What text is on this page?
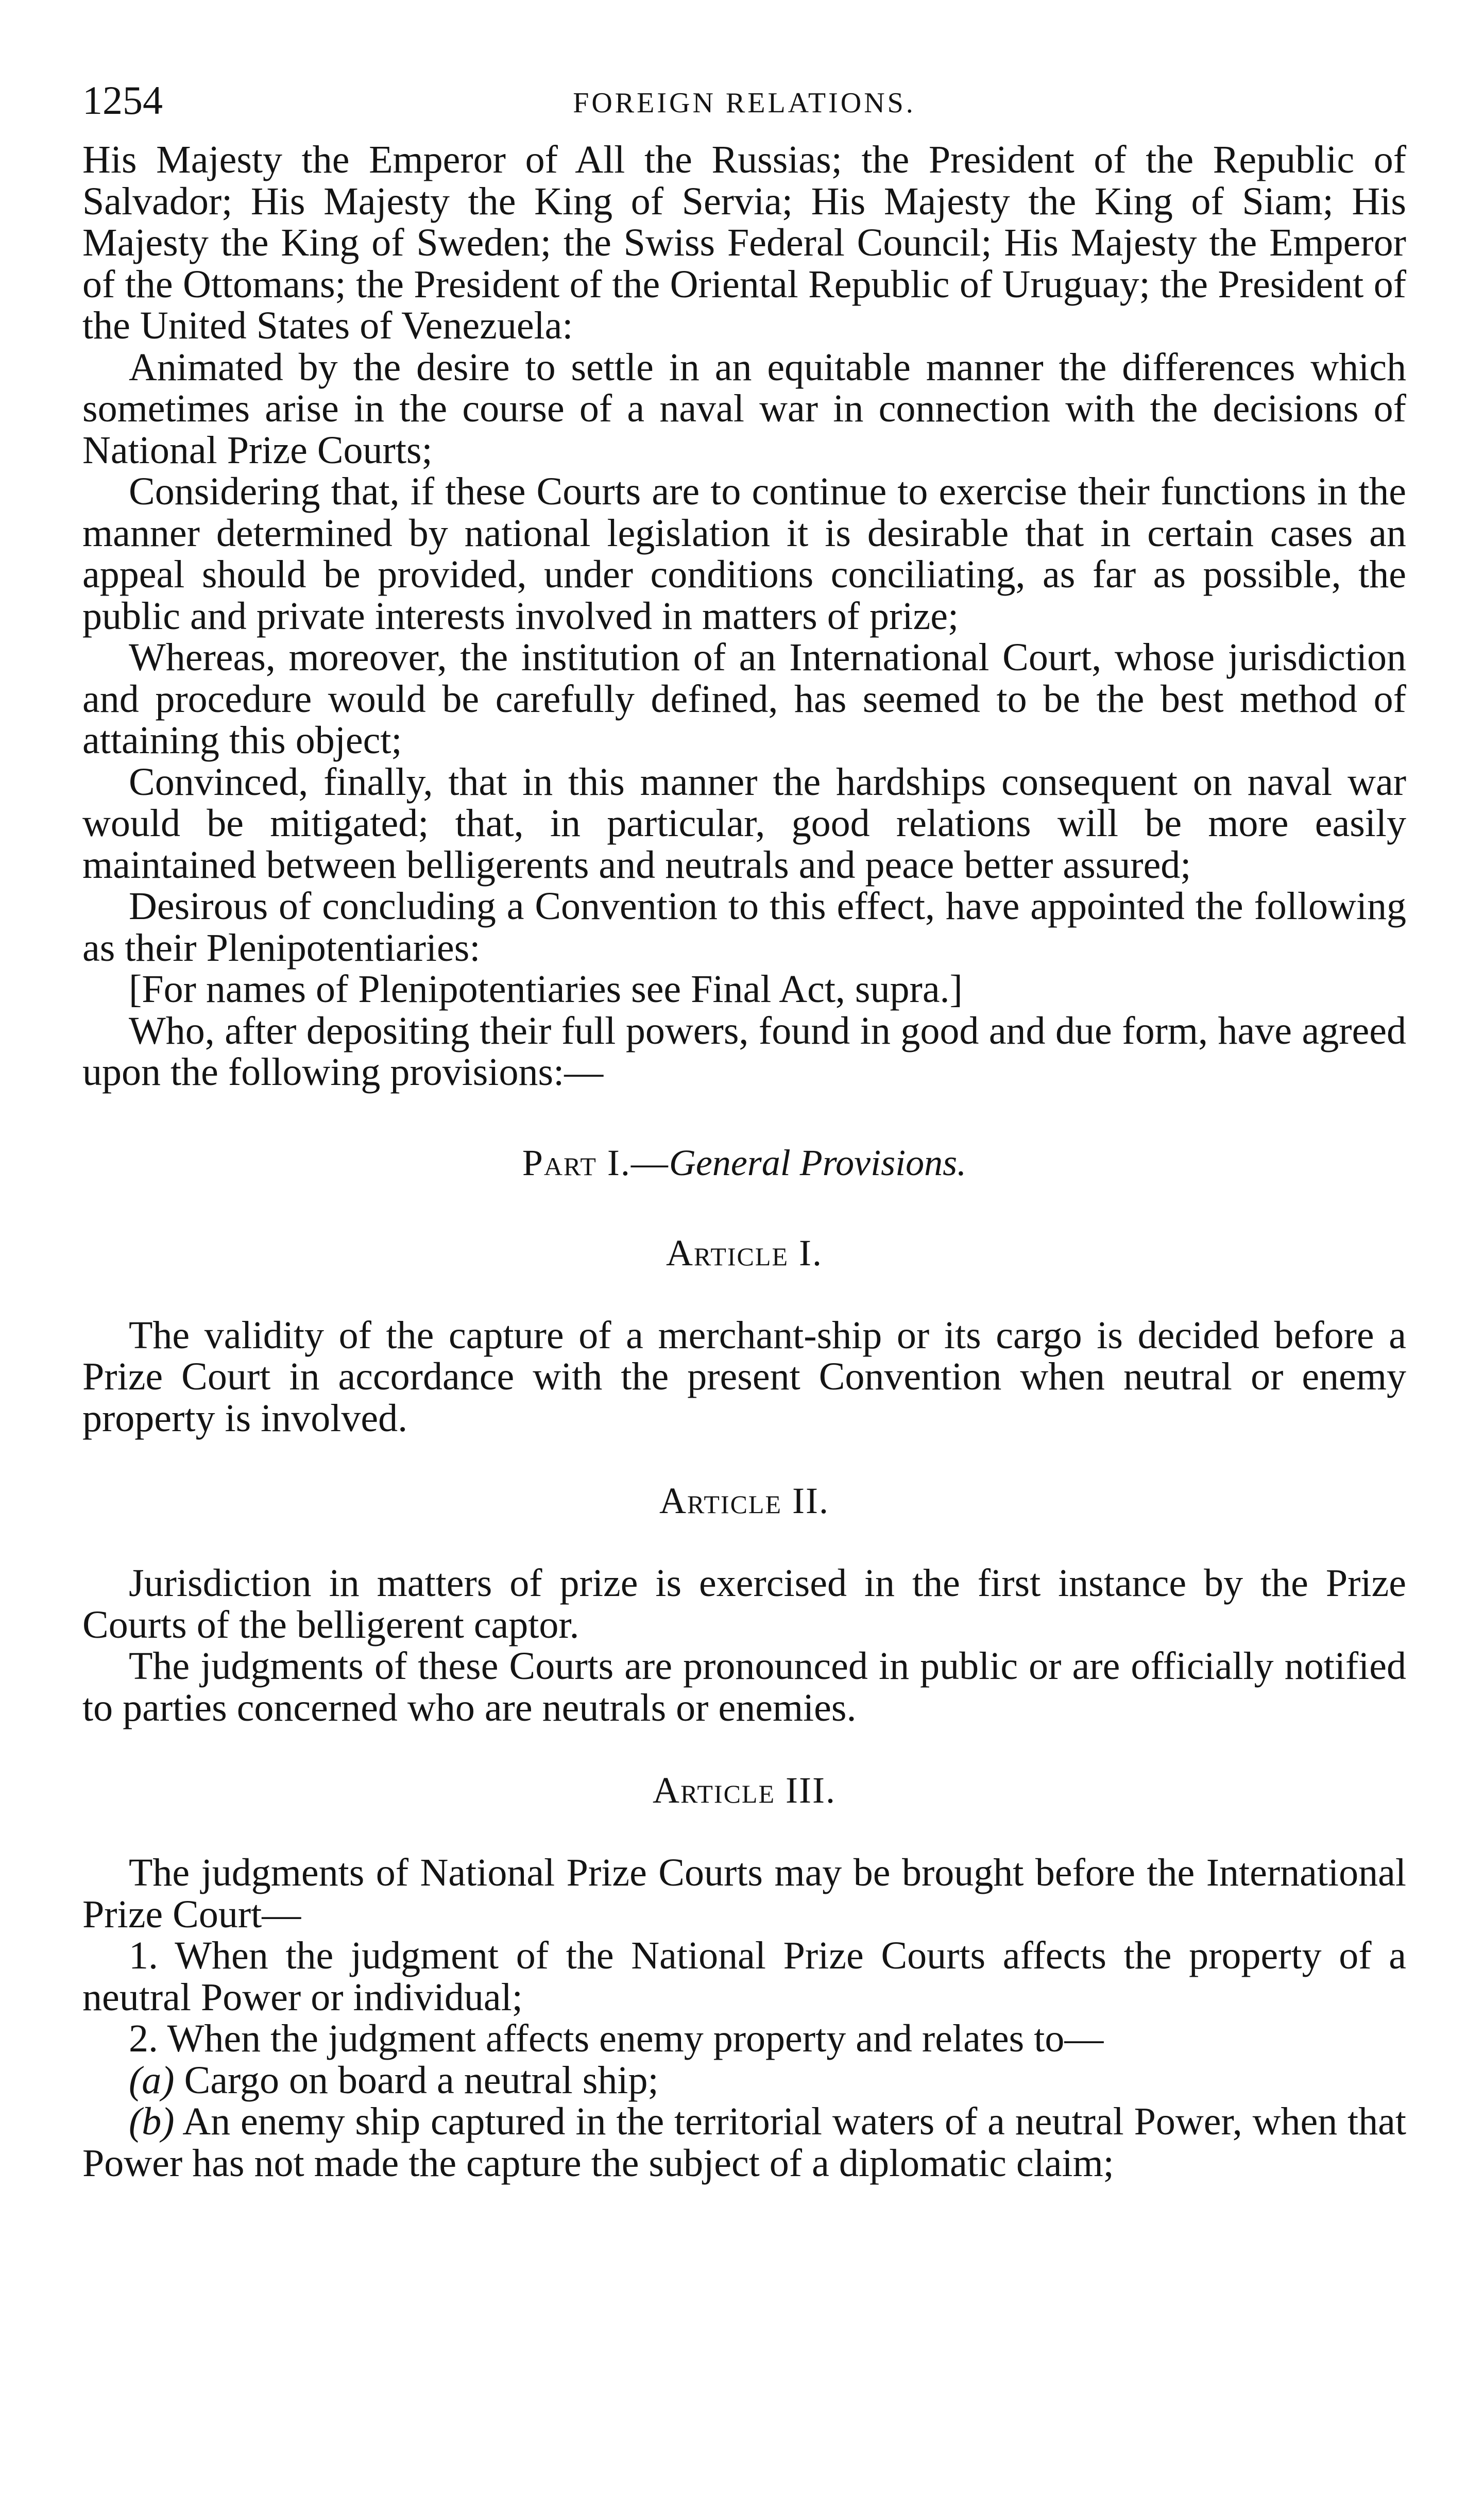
1254	FOREIGN RELATIONS.

His Majesty the Emperor of All the Russias; the President of the Republic of Salvador; His Majesty the King of Servia; His Majesty the King of Siam; His Majesty the King of Sweden; the Swiss Federal Council; His Majesty the Emperor of the Ottomans; the President of the Oriental Republic of Uruguay; the President of the United States of Venezuela:

Animated by the desire to settle in an equitable manner the differences which sometimes arise in the course of a naval war in connection with the decisions of National Prize Courts;

Considering that, if these Courts are to continue to exercise their functions in the manner determined by national legislation it is desirable that in certain cases an appeal should be provided, under conditions conciliating, as far as possible, the public and private interests involved in matters of prize;

Whereas, moreover, the institution of an International Court, whose jurisdiction and procedure would be carefully defined, has seemed to be the best method of attaining this object;

Convinced, finally, that in this manner the hardships consequent on naval war would be mitigated; that, in particular, good relations will be more easily maintained between belligerents and neutrals and peace better assured;

Desirous of concluding a Convention to this effect, have appointed the following as their Plenipotentiaries:

[For names of Plenipotentiaries see Final Act, supra.]

Who, after depositing their full powers, found in good and due form, have agreed upon the following provisions:—

Part I.—General Provisions.
Article I.

The validity of the capture of a merchant-ship or its cargo is decided before a Prize Court in accordance with the present Convention when neutral or enemy property is involved.

Article II.

Jurisdiction in matters of prize is exercised in the first instance by the Prize Courts of the belligerent captor.

The judgments of these Courts are pronounced in public or are officially notified to parties concerned who are neutrals or enemies.

Article III.

The judgments of National Prize Courts may be brought before the International Prize Court—

1. When the judgment of the National Prize Courts affects the property of a neutral Power or individual;

2. When the judgment affects enemy property and relates to—

(a) Cargo on board a neutral ship;

(b) An enemy ship captured in the territorial waters of a neutral Power, when that Power has not made the capture the subject of a diplomatic claim;
